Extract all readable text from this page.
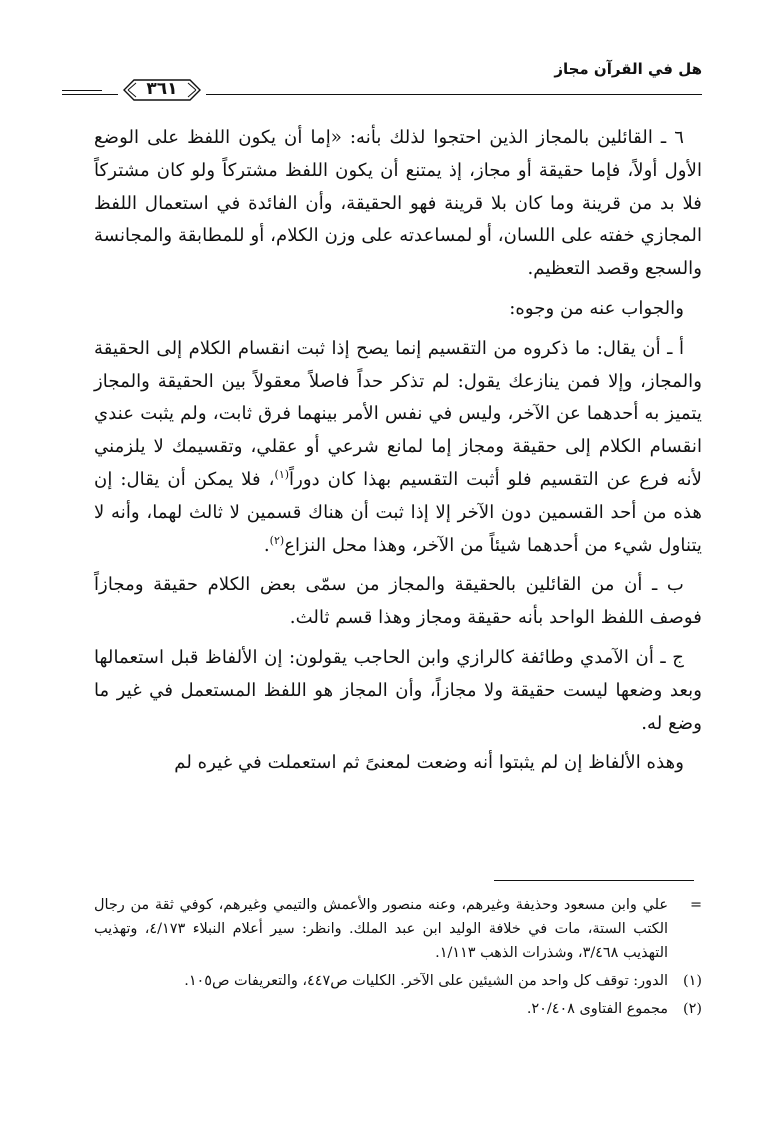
هل في القرآن مجاز
٣٦١

٦ ـ القائلين بالمجاز الذين احتجوا لذلك بأنه: «إما أن يكون اللفظ على الوضع الأول أولاً، فإما حقيقة أو مجاز، إذ يمتنع أن يكون اللفظ مشتركاً ولو كان مشتركاً فلا بد من قرينة وما كان بلا قرينة فهو الحقيقة، وأن الفائدة في استعمال اللفظ المجازي خفته على اللسان، أو لمساعدته على وزن الكلام، أو للمطابقة والمجانسة والسجع وقصد التعظيم.

والجواب عنه من وجوه:

أ ـ أن يقال: ما ذكروه من التقسيم إنما يصح إذا ثبت انقسام الكلام إلى الحقيقة والمجاز، وإلا فمن ينازعك يقول: لم تذكر حداً فاصلاً معقولاً بين الحقيقة والمجاز يتميز به أحدهما عن الآخر، وليس في نفس الأمر بينهما فرق ثابت، ولم يثبت عندي انقسام الكلام إلى حقيقة ومجاز إما لمانع شرعي أو عقلي، وتقسيمك لا يلزمني لأنه فرع عن التقسيم فلو أثبت التقسيم بهذا كان دوراً$^{(١)}$، فلا يمكن أن يقال: إن هذه من أحد القسمين دون الآخر إلا إذا ثبت أن هناك قسمين لا ثالث لهما، وأنه لا يتناول شيء من أحدهما شيئاً من الآخر، وهذا محل النزاع$^{(٢)}$.

ب ـ أن من القائلين بالحقيقة والمجاز من سمّى بعض الكلام حقيقة ومجازاً فوصف اللفظ الواحد بأنه حقيقة ومجاز وهذا قسم ثالث.

ج ـ أن الآمدي وطائفة كالرازي وابن الحاجب يقولون: إن الألفاظ قبل استعمالها وبعد وضعها ليست حقيقة ولا مجازاً، وأن المجاز هو اللفظ المستعمل في غير ما وضع له.

وهذه الألفاظ إن لم يثبتوا أنه وضعت لمعنىً ثم استعملت في غيره لم

=
علي وابن مسعود وحذيفة وغيرهم، وعنه منصور والأعمش والتيمي وغيرهم، كوفي ثقة من رجال الكتب الستة، مات في خلافة الوليد ابن عبد الملك. وانظر: سير أعلام النبلاء ٤/١٧٣، وتهذيب التهذيب ٣/٤٦٨، وشذرات الذهب ١/١١٣.
(١)
الدور: توقف كل واحد من الشيئين على الآخر. الكليات ص٤٤٧، والتعريفات ص١٠٥.
(٢)
مجموع الفتاوى ٢٠/٤٠٨.
